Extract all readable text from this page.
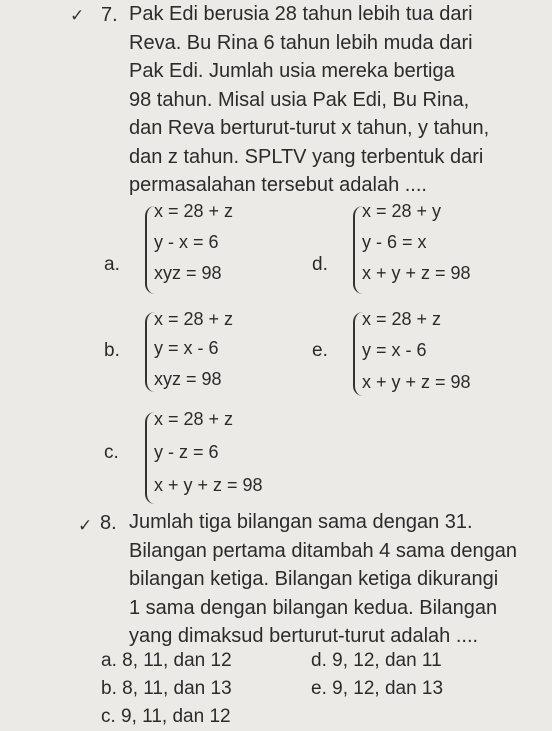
✓ 7. Pak Edi berusia 28 tahun lebih tua dari
Reva. Bu Rina 6 tahun lebih muda dari
Pak Edi. Jumlah usia mereka bertiga
98 tahun. Misal usia Pak Edi, Bu Rina,
dan Reva berturut-turut x tahun, y tahun,
dan z tahun. SPLTV yang terbentuk dari
permasalahan tersebut adalah ....
a.
x = 28 + z
y - x = 6
xyz = 98	d.
x = 28 + y
y - 6 = x
x + y + z = 98
b.
x = 28 + z
y = x - 6
xyz = 98
e.
x = 28 + z
y = x - 6
x + y + z = 98
c.
x = 28 + z
y - z = 6
x + y + z = 98
✓ 8. Jumlah tiga bilangan sama dengan 31.
Bilangan pertama ditambah 4 sama dengan
bilangan ketiga. Bilangan ketiga dikurangi
1 sama dengan bilangan kedua. Bilangan
yang dimaksud berturut-turut adalah ....
a. 8, 11, dan 12	d. 9, 12, dan 11
b. 8, 11, dan 13	e. 9, 12, dan 13
c. 9, 11, dan 12
